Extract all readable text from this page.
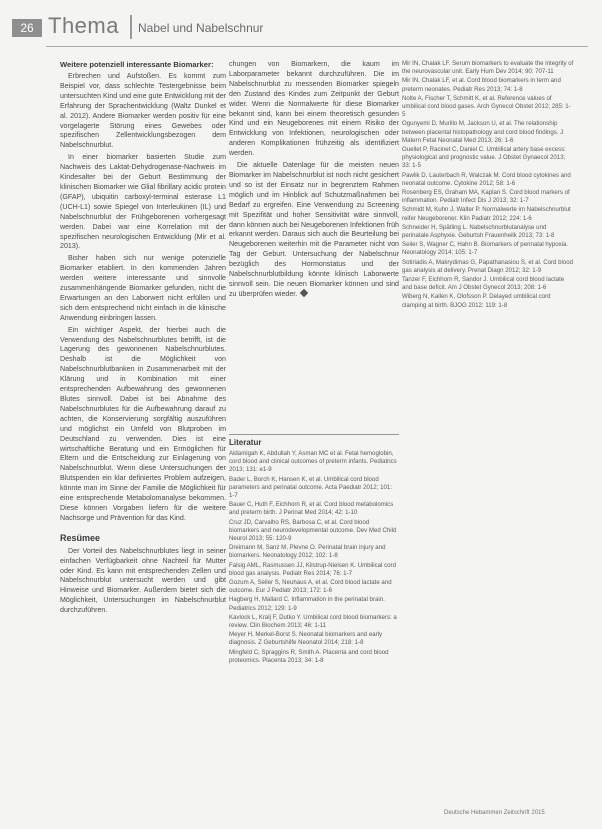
26 Thema Nabel und Nabelschnur

Weitere potenziell interessante Biomarker:

Erbrechen und Aufstoßen. Es kommt zum Beispiel vor, dass schlechte Testergebnisse beim untersuchten Kind und eine gute Entwicklung mit der Erfahrung der Sprachentwicklung (Waltz Dunkel et al. 2012). Andere Biomarker werden positiv für eine vorgelagerte Störung eines Gewebes oder spezifischen Zellentwicklungsbezogen dem Nabelschnurblut.

In einer biomarker basierten Studie zum Nachweis des Laktat-Dehydrogenase-Nachweis im Kindesalter bei der Geburt Bestimmung der klinischen Biomarker wie Glial fibrillary acidic protein (GFAP), ubiquitin carboxyl-terminal esterase L1 (UCH-L1) sowie Spiegel von Interleukinen (IL) und Nabelschnurblut der Frühgeborenen vorhergesagt werden. Dabei war eine Korrelation mit der spezifischen neurologischen Entwicklung (Mir et al. 2013).

Bisher haben sich nur wenige potenzielle Biomarker etabliert. In den kommenden Jahren werden weitere interessante und sinnvolle zusammenhängende Biomarker gefunden, nicht die Erwartungen an den Laborwert nicht erfüllen und sich dem entsprechend nicht einfach in die klinische Anwendung einbringen lassen.

Ein wichtiger Aspekt, der hierbei auch die Verwendung des Nabelschnurblutes betrifft, ist die Lagerung des gewonnenen Nabelschnurblutes. Deshalb ist die Möglichkeit von Nabelschnurblutbanken in Zusammenarbeit mit der Klärung und in Kombination mit einer entsprechenden Aufbewahrung des gewonnenen Blutes sinnvoll. Dabei ist bei Abnahme des Nabelschnurblutes für die Aufbewahrung darauf zu achten, die Konservierung sorgfältig auszuführen und möglichst ein Umfeld von Blutproben im Deutschland zu verwenden. Dies ist eine wirtschaftliche Beratung und ein Ermöglichen für Eltern und die Entscheidung zur Einlagerung von Nabelschnurblut. Wenn diese Untersuchungen der Blutspenden ein klar definiertes Problem aufzeigen, könnte man im Sinne der Familie die Möglichkeit für eine entsprechende Metabolomanalyse bekommen. Diese können Vorgaben liefern für die weitere Nachsorge und Prävention für das Kind.

Resümee

Der Vorteil des Nabelschnurblutes liegt in seiner einfachen Verfügbarkeit ohne Nachteil für Mutter oder Kind. Es kann mit entsprechenden Zellen und Nabelschnurblut untersucht werden und gibt Hinweise und Biomarker. Außerdem bietet sich die Möglichkeit, Untersuchungen im Nabelschnurblut durchzuführen.

chungen von Biomarkern, die kaum im Laborparameter bekannt durchzuführen. Die im Nabelschnurblut zu messenden Biomarker spiegeln den Zustand des Kindes zum Zeitpunkt der Geburt wider. Wenn die Normalwerte für diese Biomarker bekannt sind, kann bei einem theoretisch gesunden Kind und ein Neugeborenes mit einem Risiko der Entwicklung von Infektionen, neurologischen oder anderen Komplikationen frühzeitig als identifiziert werden.

Die aktuelle Datenlage für die meisten neuen Biomarker im Nabelschnurblut ist noch nicht gesichert und so ist der Einsatz nur in begrenztem Rahmen möglich und im Hinblick auf Schutzmaßnahmen bei Bedarf zu ergreifen. Eine Verwendung zu Screening mit Spezifität und hoher Sensitivität wäre sinnvoll, dann können auch bei Neugeborenen Infektionen früh erkannt werden. Daraus sich auch die Beurteilung bei Neugeborenen weiterhin mit die Parameter nicht von Tag der Geburt. Untersuchung der Nabelschnur bezüglich des Hormonstatus und der Nabelschnurblutbildung könnte klinisch Laborwerte sinnvoll sein. Die neuen Biomarker können und sind zu überprüfen wieder.

Literatur

Aldamigah K, Abdullah Y, Asman MC et al. Fetal hemoglobin, cord blood and clinical outcomes of preterm infants. Pediatrics 2013; 131: e1-9

Bader L, Borch K, Hansen K, et al. Umbilical cord blood parameters and perinatal outcome. Acta Paediatr 2012; 101: 1-7

Bauer C, Huth F, Eichhorn R, et al. Cord blood metabolomics and preterm birth. J Perinat Med 2014; 42: 1-10

Cruz JD, Carvalho RS, Barbosa C, et al. Cord blood biomarkers and neurodevelopmental outcome. Dev Med Child Neurol 2013; 55: 120-9

Dreimann M, Sanz M, Plevne O. Perinatal brain injury and biomarkers. Neonatology 2012; 102: 1-8

Falsig AML, Rasmussen JJ, Kilstrup-Nielsen K. Umbilical cord blood gas analysis. Pediatr Res 2014; 76: 1-7

Gozum A, Seiler S, Neuhaus A, et al. Cord blood lactate and outcome. Eur J Pediatr 2013; 172: 1-6

Hagberg H, Mallard C. Inflammation in the perinatal brain. Pediatrics 2012; 129: 1-9

Kavlock L, Kralj F, Dutko Y. Umbilical cord blood biomarkers: a review. Clin Biochem 2013; 46: 1-11

Meyer H, Merkel-Borst S. Neonatal biomarkers and early diagnosis. Z Geburtshilfe Neonatol 2014; 218: 1-8

Mingfeld C, Spraggins R, Smith A. Placenta and cord blood proteomics. Placenta 2013; 34: 1-8

Mir IN, Chalak LF. Serum biomarkers to evaluate the integrity of the neurovascular unit. Early Hum Dev 2014; 90: 707-11

Mir IN, Chalak LF, et al. Cord blood biomarkers in term and preterm neonates. Pediatr Res 2013; 74: 1-8

Nolte A, Fischer T, Schmitt K, et al. Reference values of umbilical cord blood gases. Arch Gynecol Obstet 2012; 285: 1-5

Ogunyemi D, Murillo M, Jackson U, et al. The relationship between placental histopathology and cord blood findings. J Matern Fetal Neonatal Med 2013; 26: 1-6

Ouellet P, Racinet C, Daniel C. Umbilical artery base excess: physiological and prognostic value. J Obstet Gynaecol 2013; 33: 1-5

Pawlik D, Lauterbach R, Walczak M. Cord blood cytokines and neonatal outcome. Cytokine 2012; 58: 1-6

Rosenberg ES, Graham MA, Kaplan S. Cord blood markers of inflammation. Pediatr Infect Dis J 2013; 32: 1-7

Schmidt M, Kuhn J, Walter P. Normalwerte im Nabelschnurblut reifer Neugeborener. Klin Padiatr 2012; 224: 1-6

Schneider H, Spätling L. Nabelschnurblutanalyse und perinatale Asphyxie. Geburtsh Frauenheilk 2013; 73: 1-8

Seiler S, Wagner C, Hahn B. Biomarkers of perinatal hypoxia. Neonatology 2014; 105: 1-7

Sotiriadis A, Makrydimas G, Papathanasiou S, et al. Cord blood gas analysis at delivery. Prenat Diagn 2012; 32: 1-9

Tanzer F, Eichhorn R, Sandor J. Umbilical cord blood lactate and base deficit. Am J Obstet Gynecol 2013; 208: 1-6

Wiberg N, Kallen K, Olofsson P. Delayed umbilical cord clamping at birth. BJOG 2012; 119: 1-8

Deutsche Hebammen Zeitschrift 2015
